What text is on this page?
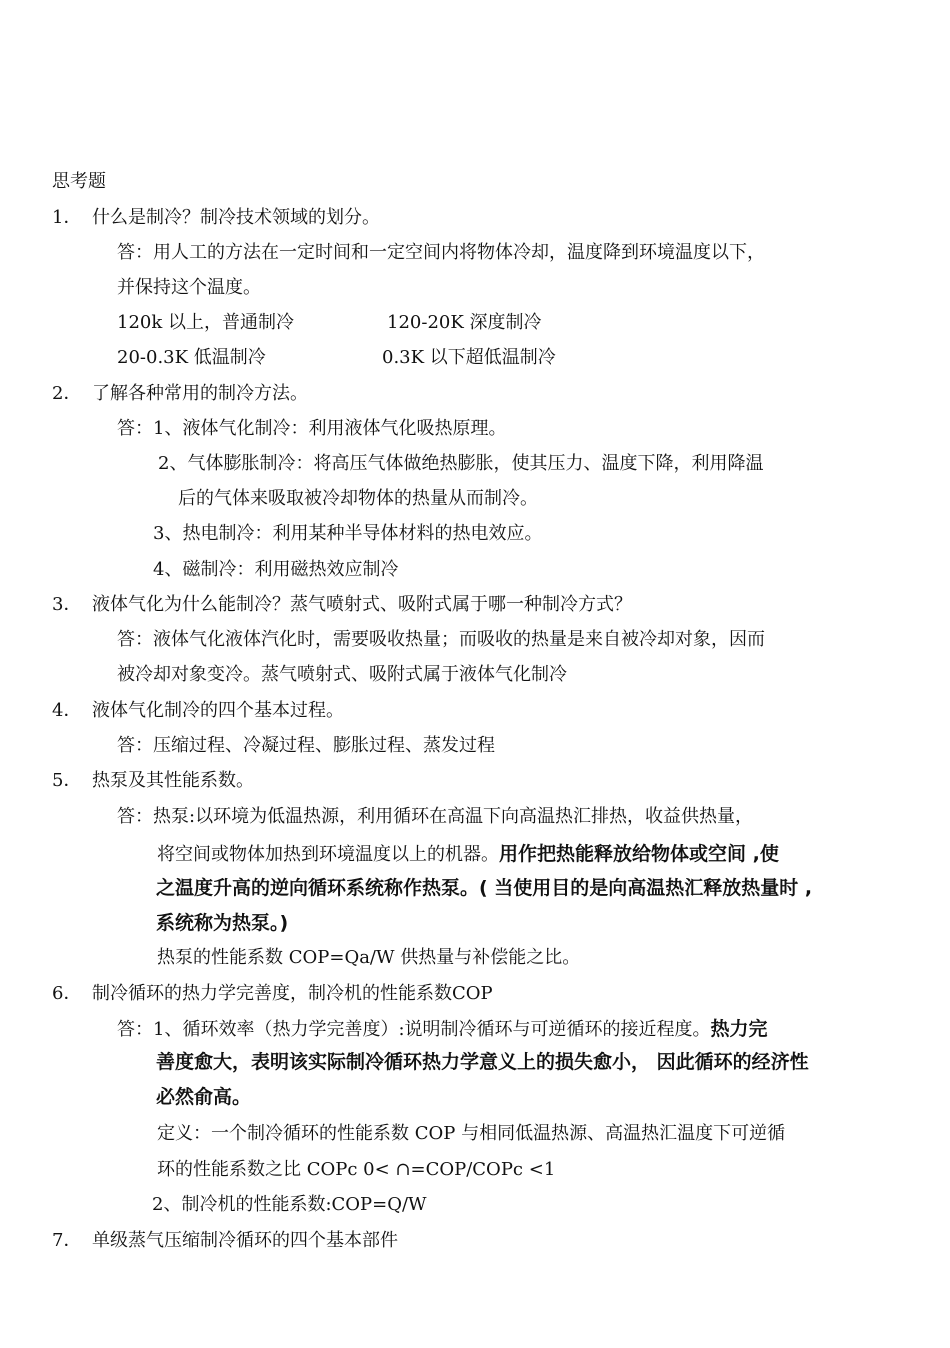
思考题
1． 什么是制冷？制冷技术领域的划分。
答：用人工的方法在一定时间和一定空间内将物体冷却，温度降到环境温度以下，
并保持这个温度。
120k 以上，普通制冷	120-20K 深度制冷
20-0.3K 低温制冷	0.3K 以下超低温制冷
2． 了解各种常用的制冷方法。
答：1、液体气化制冷：利用液体气化吸热原理。
2、气体膨胀制冷：将高压气体做绝热膨胀，使其压力、温度下降，利用降温
后的气体来吸取被冷却物体的热量从而制冷。
3、热电制冷：利用某种半导体材料的热电效应。
4、磁制冷：利用磁热效应制冷
3． 液体气化为什么能制冷？蒸气喷射式、吸附式属于哪一种制冷方式？
答：液体气化液体汽化时，需要吸收热量；而吸收的热量是来自被冷却对象，因而
被冷却对象变冷。蒸气喷射式、吸附式属于液体气化制冷
4． 液体气化制冷的四个基本过程。
答：压缩过程、冷凝过程、膨胀过程、蒸发过程
5． 热泵及其性能系数。
答：热泵:以环境为低温热源，利用循环在高温下向高温热汇排热，收益供热量，
将空间或物体加热到环境温度以上的机器。用作把热能释放给物体或空间 ,使
之温度升高的逆向循环系统称作热泵。( 当使用目的是向高温热汇释放热量时 ,
系统称为热泵。)
热泵的性能系数 COP=Qa/W 供热量与补偿能之比。
6． 制冷循环的热力学完善度，制冷机的性能系数COP
答：1、循环效率（热力学完善度）:说明制冷循环与可逆循环的接近程度。热力完
善度愈大，表明该实际制冷循环热力学意义上的损失愈小， 因此循环的经济性
必然俞高。
定义：一个制冷循环的性能系数 COP 与相同低温热源、高温热汇温度下可逆循
环的性能系数之比 COPc 0< ∩=COP/COPc <1
2、制冷机的性能系数:COP=Q/W
7． 单级蒸气压缩制冷循环的四个基本部件
